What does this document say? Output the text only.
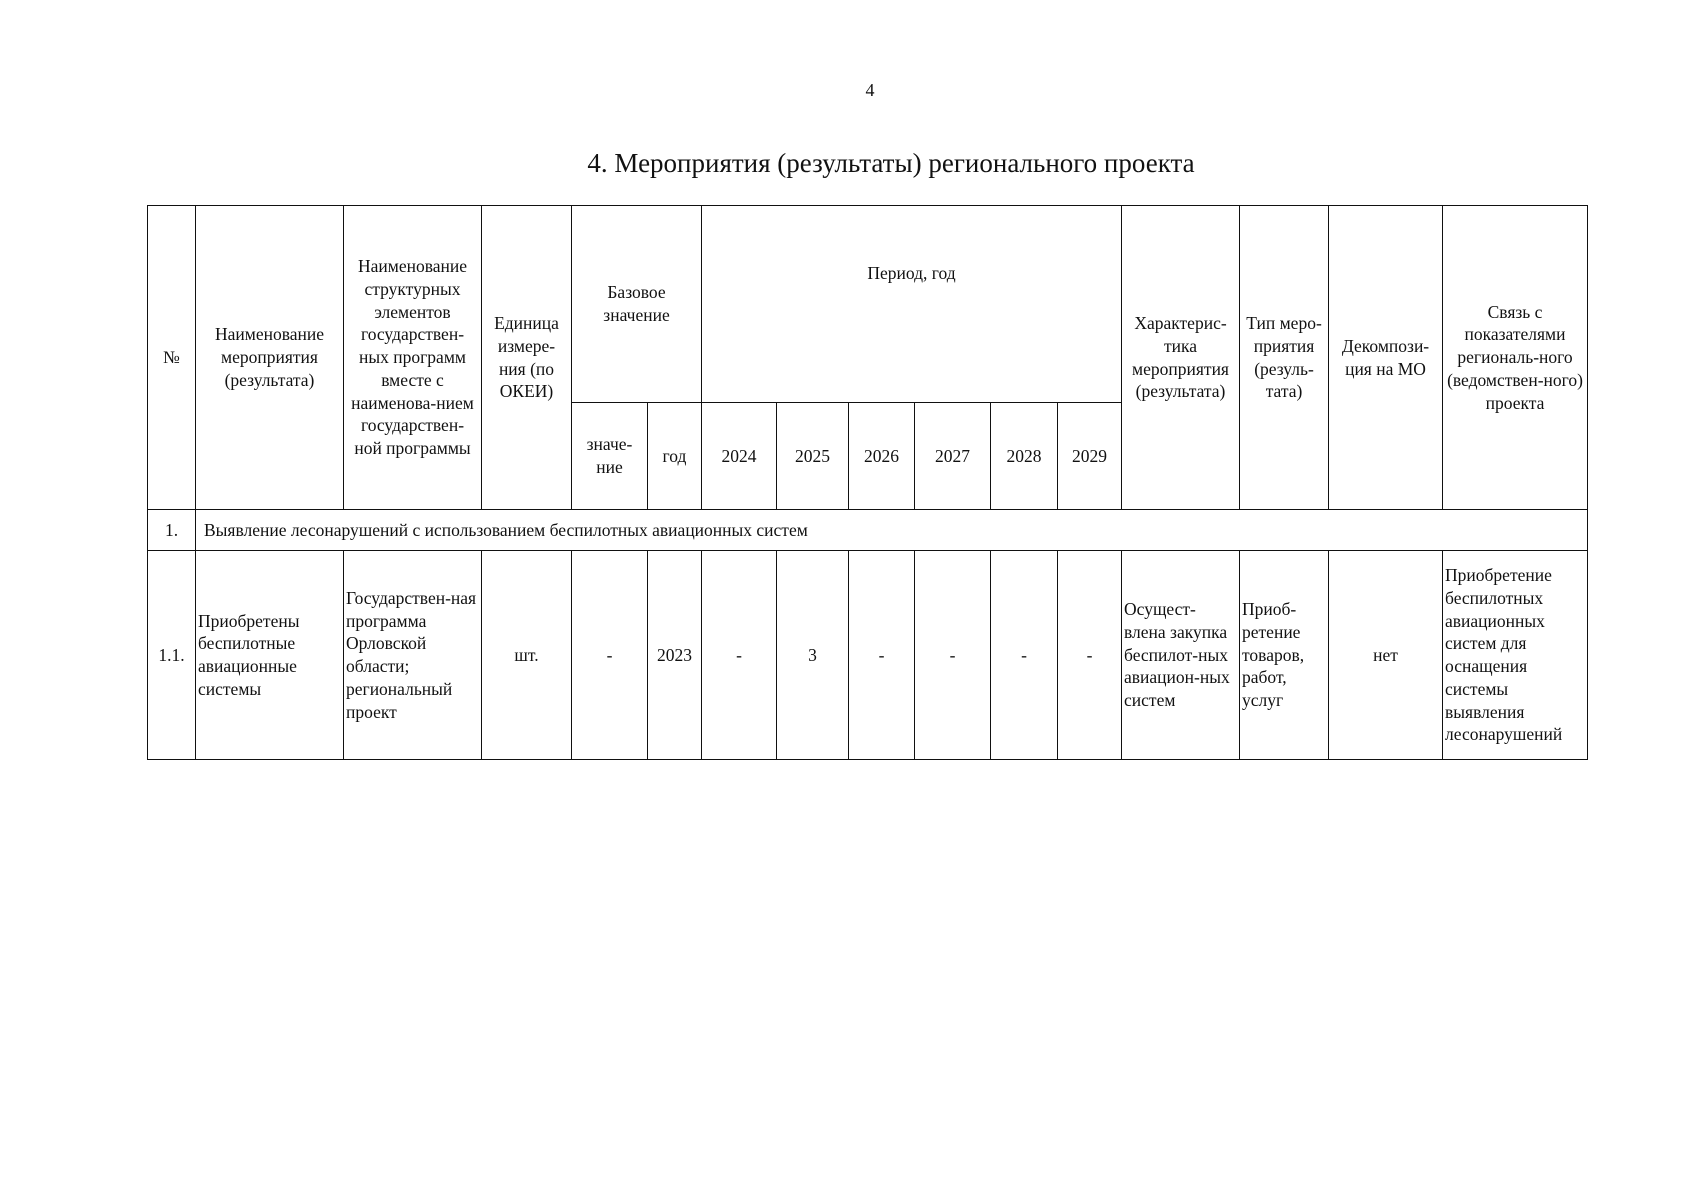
4
4. Мероприятия (результаты) регионального проекта
№	Наименование мероприятия (результата)	Наименование структурных элементов государствен-ных программ вместе с наименова-нием государствен-ной программы	Единица измере-ния (по ОКЕИ)	Базовое значение		Период, год						Характерис-тика мероприятия (результата)	Тип меро-приятия (резуль-тата)	Декомпози-ция на МО	Связь с показателями региональ-ного (ведомствен-ного) проекта
				значе-ние	год	2024	2025	2026	2027	2028	2029				
1.	Выявление лесонарушений с использованием беспилотных авиационных систем														
1.1.	Приобретены беспилотные авиационные системы	Государствен-ная программа Орловской области; региональный проект	шт.	-	2023	-	3	-	-	-	-	Осущест-влена закупка беспилот-ных авиацион-ных систем	Приоб-ретение товаров, работ, услуг	нет	Приобретение беспилотных авиационных систем для оснащения системы выявления лесонарушений
